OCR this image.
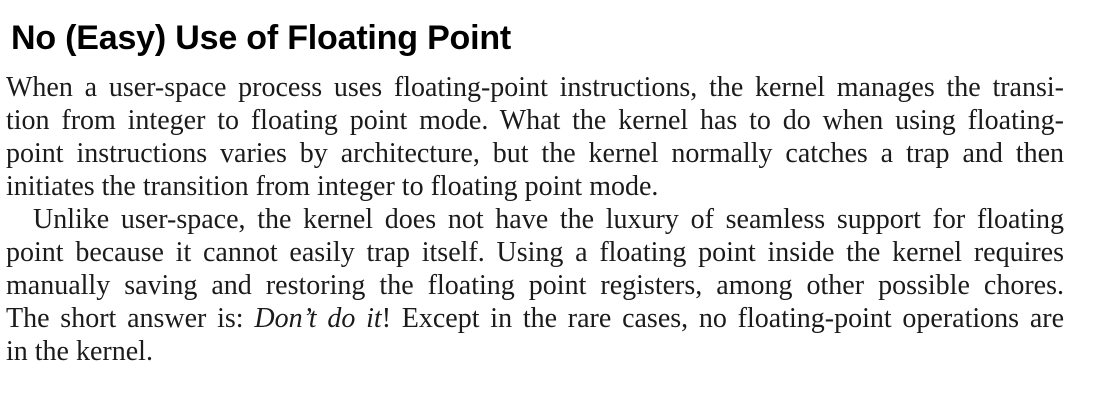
No (Easy) Use of Floating Point
When a user-space process uses floating-point instructions, the kernel manages the transi-
tion from integer to floating point mode. What the kernel has to do when using floating-
point instructions varies by architecture, but the kernel normally catches a trap and then
initiates the transition from integer to floating point mode.
Unlike user-space, the kernel does not have the luxury of seamless support for floating
point because it cannot easily trap itself. Using a floating point inside the kernel requires
manually saving and restoring the floating point registers, among other possible chores.
The short answer is: Don’t do it! Except in the rare cases, no floating-point operations are
in the kernel.
